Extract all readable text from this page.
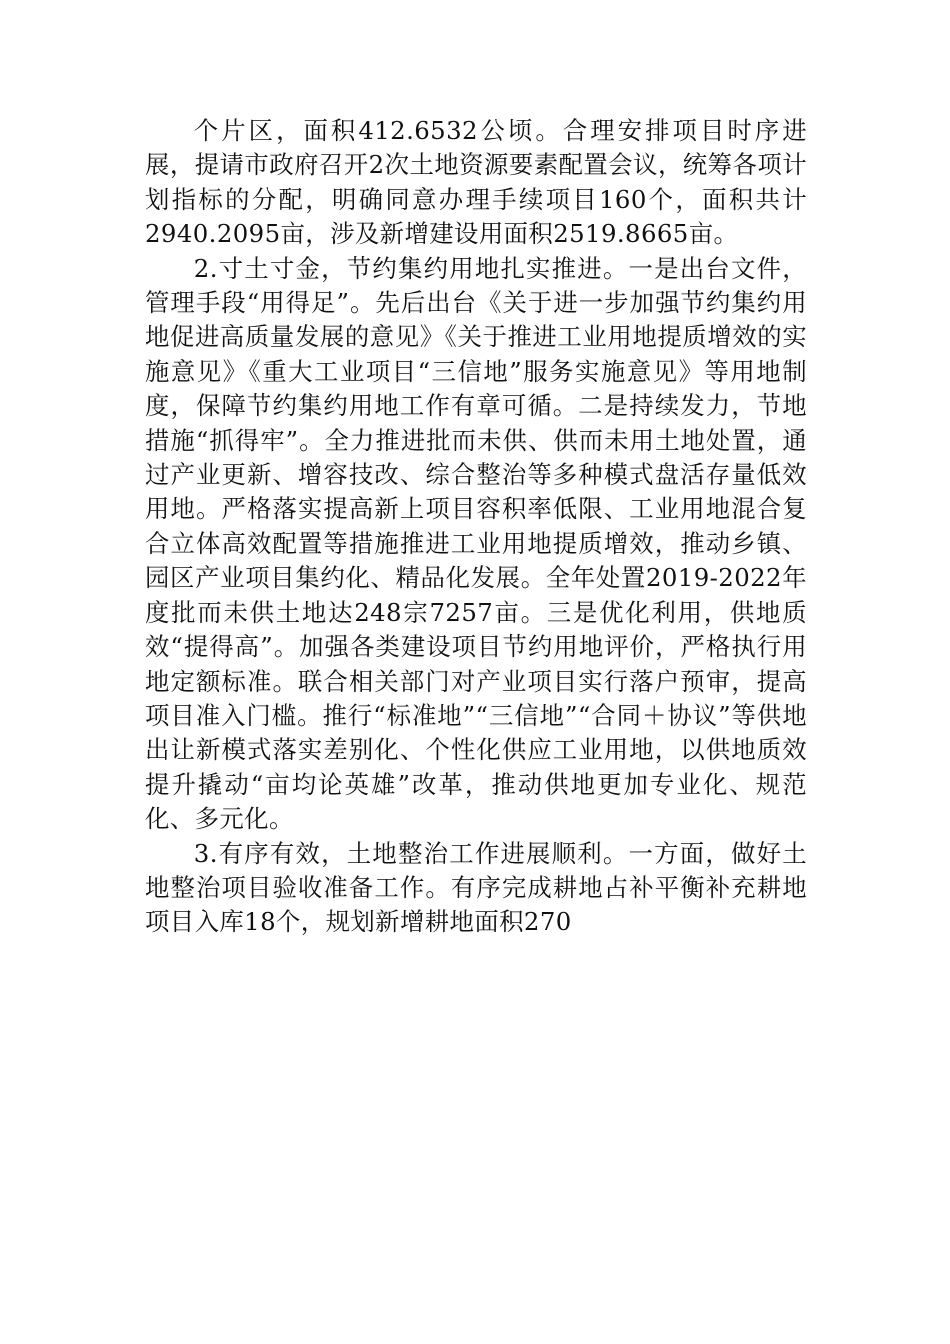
个片区，面积412.6532公顷。合理安排项目时序进展，提请市政府召开2次土地资源要素配置会议，统筹各项计划指标的分配，明确同意办理手续项目160个，面积共计2940.2095亩，涉及新增建设用面积2519.8665亩。

2.寸土寸金，节约集约用地扎实推进。一是出台文件，管理手段“用得足”。先后出台《关于进一步加强节约集约用地促进高质量发展的意见》《关于推进工业用地提质增效的实施意见》《重大工业项目“三信地”服务实施意见》等用地制度，保障节约集约用地工作有章可循。二是持续发力，节地措施“抓得牢”。全力推进批而未供、供而未用土地处置，通过产业更新、增容技改、综合整治等多种模式盘活存量低效用地。严格落实提高新上项目容积率低限、工业用地混合复合立体高效配置等措施推进工业用地提质增效，推动乡镇、园区产业项目集约化、精品化发展。全年处置2019-2022年度批而未供土地达248宗7257亩。三是优化利用，供地质效“提得高”。加强各类建设项目节约用地评价，严格执行用地定额标准。联合相关部门对产业项目实行落户预审，提高项目准入门槛。推行“标准地”“三信地”“合同＋协议”等供地出让新模式落实差别化、个性化供应工业用地，以供地质效提升撬动“亩均论英雄”改革，推动供地更加专业化、规范化、多元化。

3.有序有效，土地整治工作进展顺利。一方面，做好土地整治项目验收准备工作。有序完成耕地占补平衡补充耕地项目入库18个，规划新增耕地面积270
